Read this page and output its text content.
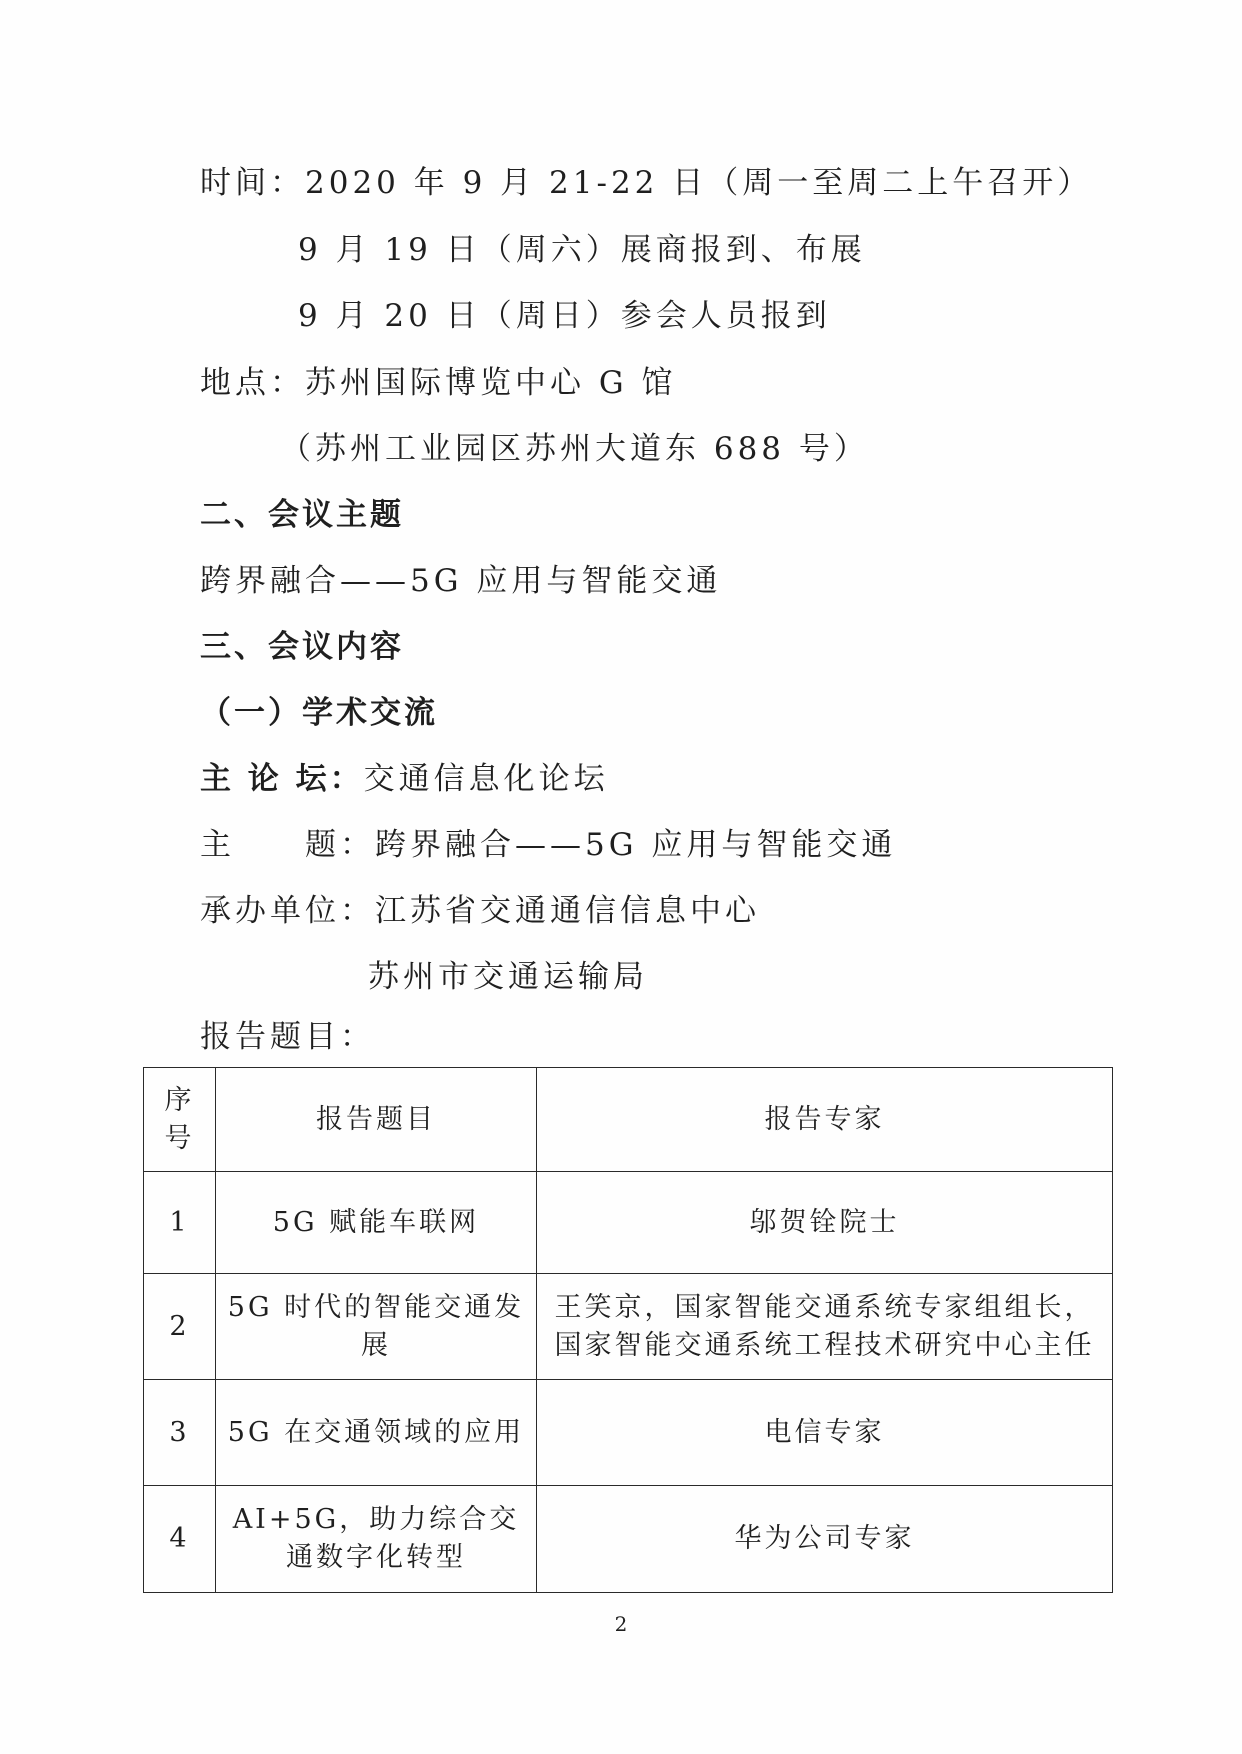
时间：2020 年 9 月 21-22 日（周一至周二上午召开）
9 月 19 日（周六）展商报到、布展
9 月 20 日（周日）参会人员报到
地点：苏州国际博览中心 G 馆
（苏州工业园区苏州大道东 688 号）
二、会议主题
跨界融合——5G 应用与智能交通
三、会议内容
（一）学术交流
主 论 坛：交通信息化论坛
主　　题：跨界融合——5G 应用与智能交通
承办单位：江苏省交通通信信息中心
苏州市交通运输局
报告题目：
序号	报告题目	报告专家
1	5G 赋能车联网	邬贺铨院士
2	5G 时代的智能交通发展	王笑京，国家智能交通系统专家组组长，
国家智能交通系统工程技术研究中心主任

3	5G 在交通领域的应用	电信专家
4	AI+5G，助力综合交通数字化转型	华为公司专家
2
